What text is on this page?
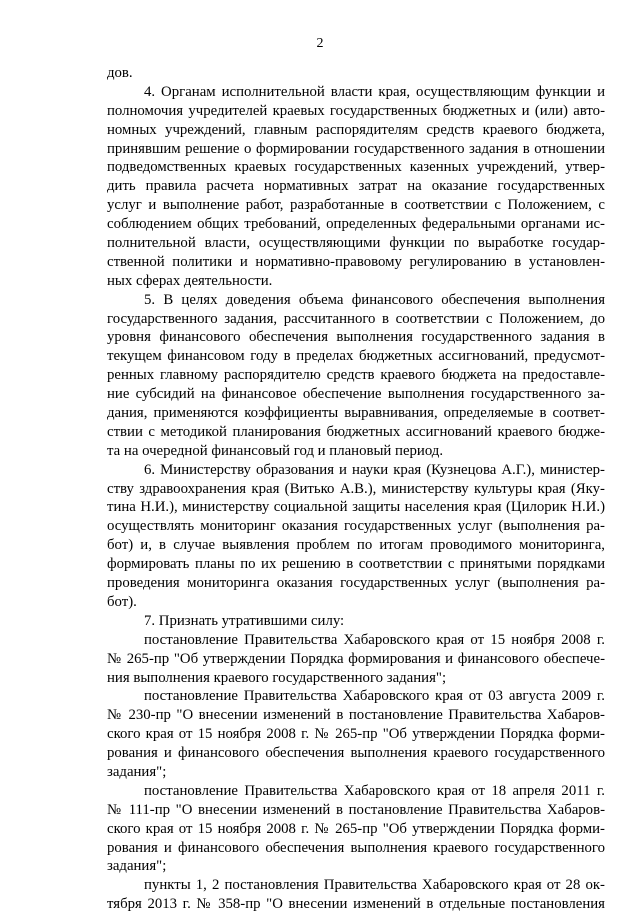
2
дов.
4. Органам исполнительной власти края, осуществляющим функции и
полномочия учредителей краевых государственных бюджетных и (или) авто-
номных учреждений, главным распорядителям средств краевого бюджета,
принявшим решение о формировании государственного задания в отношении
подведомственных краевых государственных казенных учреждений, утвер-
дить правила расчета нормативных затрат на оказание государственных
услуг и выполнение работ, разработанные в соответствии с Положением, с
соблюдением общих требований, определенных федеральными органами ис-
полнительной власти, осуществляющими функции по выработке государ-
ственной политики и нормативно-правовому регулированию в установлен-
ных сферах деятельности.
5. В целях доведения объема финансового обеспечения выполнения
государственного задания, рассчитанного в соответствии с Положением, до
уровня финансового обеспечения выполнения государственного задания в
текущем финансовом году в пределах бюджетных ассигнований, предусмот-
ренных главному распорядителю средств краевого бюджета на предоставле-
ние субсидий на финансовое обеспечение выполнения государственного за-
дания, применяются коэффициенты выравнивания, определяемые в соответ-
ствии с методикой планирования бюджетных ассигнований краевого бюдже-
та на очередной финансовый год и плановый период.
6. Министерству образования и науки края (Кузнецова А.Г.), министер-
ству здравоохранения края (Витько А.В.), министерству культуры края (Яку-
тина Н.И.), министерству социальной защиты населения края (Цилорик Н.И.)
осуществлять мониторинг оказания государственных услуг (выполнения ра-
бот) и, в случае выявления проблем по итогам проводимого мониторинга,
формировать планы по их решению в соответствии с принятыми порядками
проведения мониторинга оказания государственных услуг (выполнения ра-
бот).
7. Признать утратившими силу:
постановление Правительства Хабаровского края от 15 ноября 2008 г.
№ 265-пр "Об утверждении Порядка формирования и финансового обеспече-
ния выполнения краевого государственного задания";
постановление Правительства Хабаровского края от 03 августа 2009 г.
№ 230-пр "О внесении изменений в постановление Правительства Хабаров-
ского края от 15 ноября 2008 г. № 265-пр "Об утверждении Порядка форми-
рования и финансового обеспечения выполнения краевого государственного
задания";
постановление Правительства Хабаровского края от 18 апреля 2011 г.
№ 111-пр "О внесении изменений в постановление Правительства Хабаров-
ского края от 15 ноября 2008 г. № 265-пр "Об утверждении Порядка форми-
рования и финансового обеспечения выполнения краевого государственного
задания";
пункты 1, 2 постановления Правительства Хабаровского края от 28 ок-
тября 2013 г. № 358-пр "О внесении изменений в отдельные постановления
